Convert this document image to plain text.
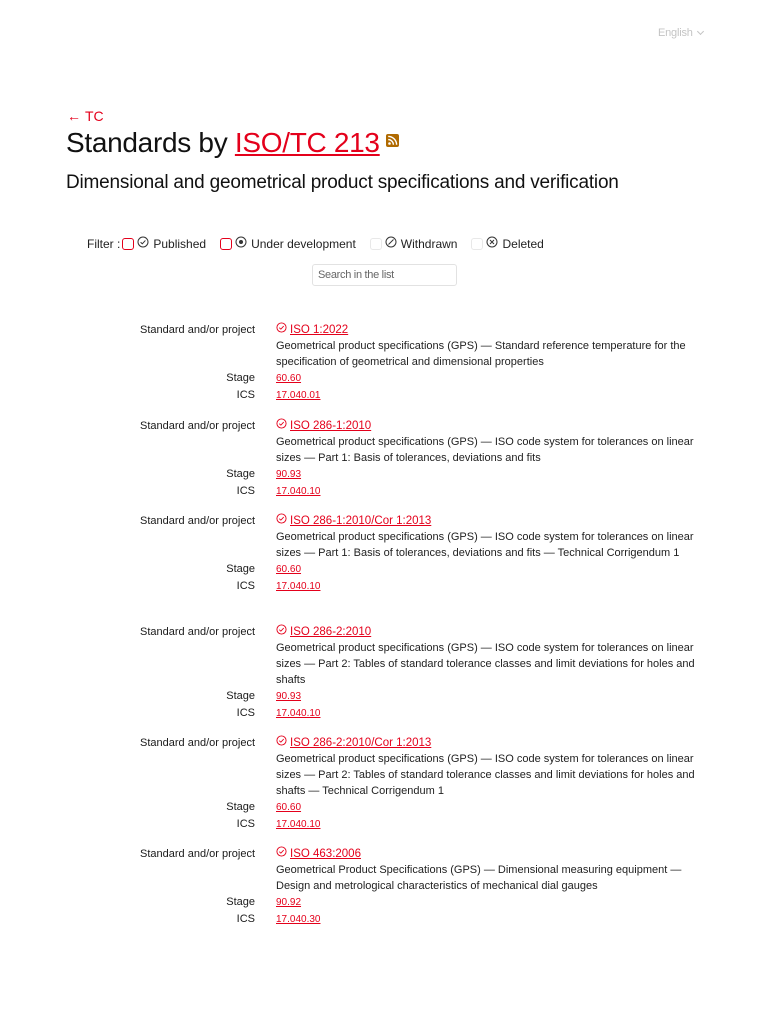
English
← TC
Standards by ISO/TC 213
Dimensional and geometrical product specifications and verification
Filter :	Published	Under development	Withdrawn	Deleted
Search in the list
Standard and/or project	ISO 1:2022
Geometrical product specifications (GPS) — Standard reference temperature for the specification of geometrical and dimensional properties
Stage 60.60
ICS 17.040.01
Standard and/or project	ISO 286-1:2010
Geometrical product specifications (GPS) — ISO code system for tolerances on linear sizes — Part 1: Basis of tolerances, deviations and fits
Stage 90.93
ICS 17.040.10
Standard and/or project	ISO 286-1:2010/Cor 1:2013
Geometrical product specifications (GPS) — ISO code system for tolerances on linear sizes — Part 1: Basis of tolerances, deviations and fits — Technical Corrigendum 1
Stage 60.60
ICS 17.040.10
Standard and/or project	ISO 286-2:2010
Geometrical product specifications (GPS) — ISO code system for tolerances on linear sizes — Part 2: Tables of standard tolerance classes and limit deviations for holes and shafts
Stage 90.93
ICS 17.040.10
Standard and/or project	ISO 286-2:2010/Cor 1:2013
Geometrical product specifications (GPS) — ISO code system for tolerances on linear sizes — Part 2: Tables of standard tolerance classes and limit deviations for holes and shafts — Technical Corrigendum 1
Stage 60.60
ICS 17.040.10
Standard and/or project	ISO 463:2006
Geometrical Product Specifications (GPS) — Dimensional measuring equipment — Design and metrological characteristics of mechanical dial gauges
Stage 90.92
ICS 17.040.30
